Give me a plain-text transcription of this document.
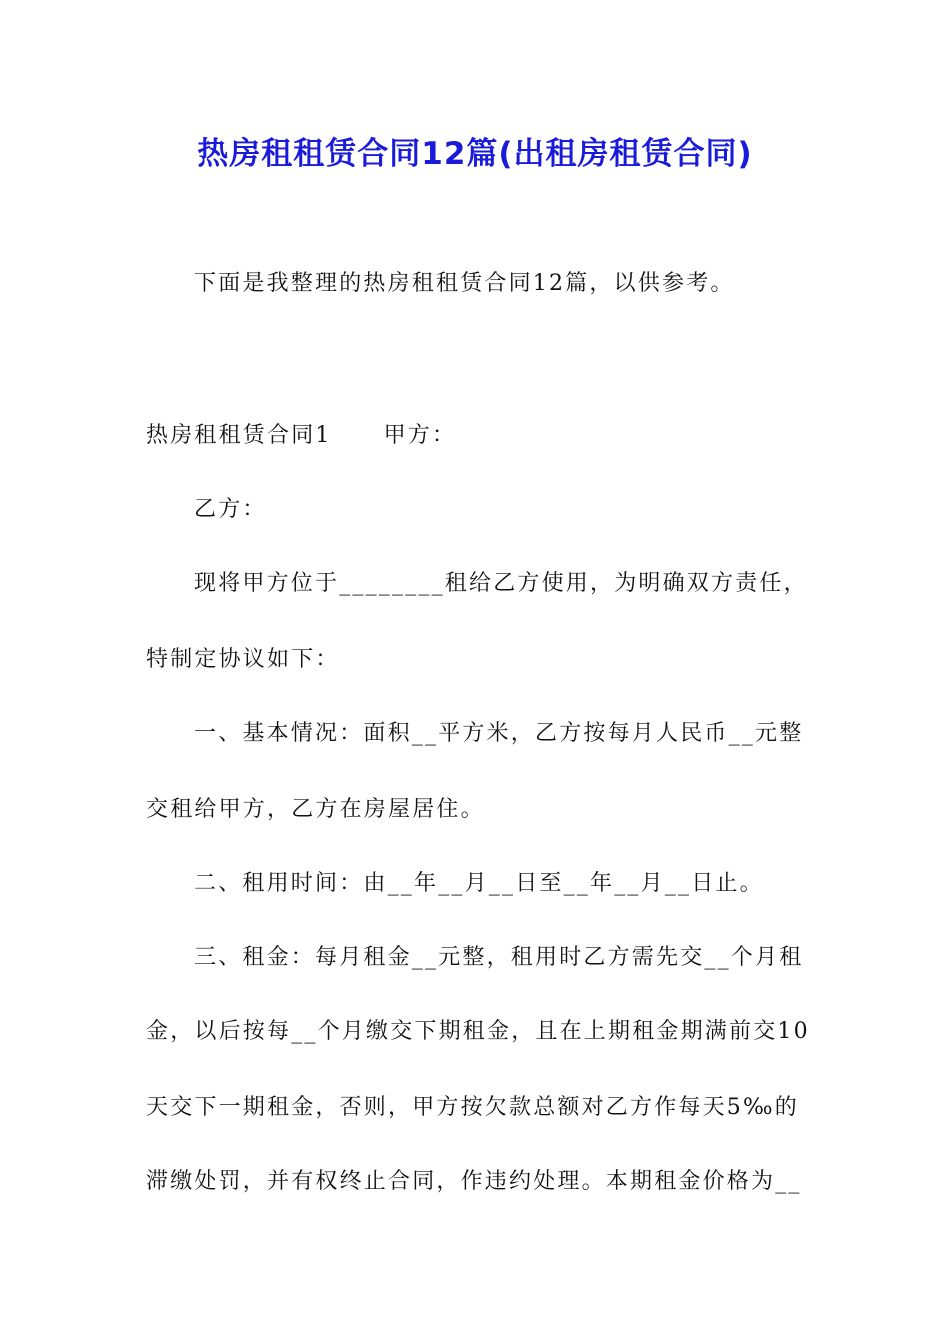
热房租租赁合同12篇(出租房租赁合同)

下面是我整理的热房租租赁合同12篇，以供参考。

热房租租赁合同1 甲方：

乙方：

现将甲方位于________租给乙方使用，为明确双方责任，

特制定协议如下：

一、基本情况：面积__平方米，乙方按每月人民币__元整

交租给甲方，乙方在房屋居住。

二、租用时间：由__年__月__日至__年__月__日止。

三、租金：每月租金__元整，租用时乙方需先交__个月租

金，以后按每__个月缴交下期租金，且在上期租金期满前交10

天交下一期租金，否则，甲方按欠款总额对乙方作每天5‰的

滞缴处罚，并有权终止合同，作违约处理。本期租金价格为__
